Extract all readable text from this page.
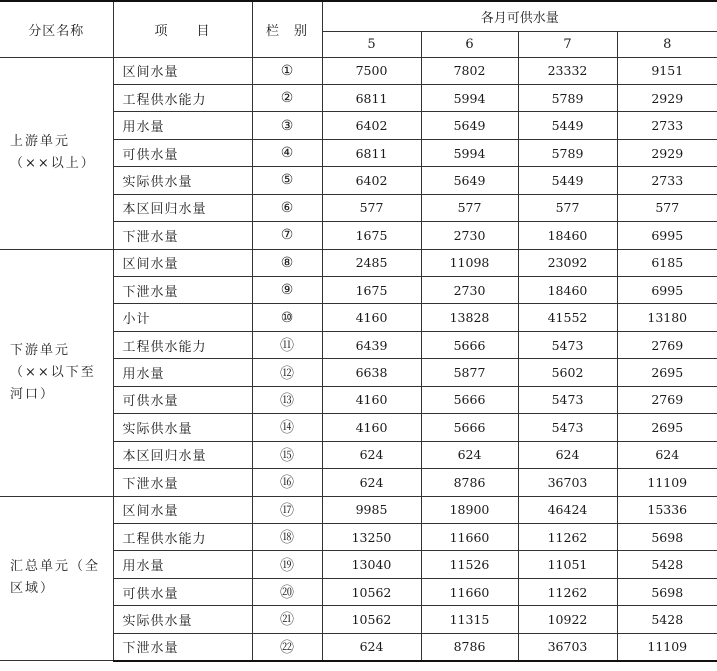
分区名称	项　　目	栏　别	各月可供水量			
			5	6	7	8
上游单元（××以上）	区间水量	①	7500	7802	23332	9151
	工程供水能力	②	6811	5994	5789	2929
	用水量	③	6402	5649	5449	2733
	可供水量	④	6811	5994	5789	2929
	实际供水量	⑤	6402	5649	5449	2733
	本区回归水量	⑥	577	577	577	577
	下泄水量	⑦	1675	2730	18460	6995
下游单元（××以下至河口）	区间水量	⑧	2485	11098	23092	6185
	下泄水量	⑨	1675	2730	18460	6995
	小计	⑩	4160	13828	41552	13180
	工程供水能力	⑪	6439	5666	5473	2769
	用水量	⑫	6638	5877	5602	2695
	可供水量	⑬	4160	5666	5473	2769
	实际供水量	⑭	4160	5666	5473	2695
	本区回归水量	⑮	624	624	624	624
	下泄水量	⑯	624	8786	36703	11109
汇总单元（全区域）	区间水量	⑰	9985	18900	46424	15336
	工程供水能力	⑱	13250	11660	11262	5698
	用水量	⑲	13040	11526	11051	5428
	可供水量	⑳	10562	11660	11262	5698
	实际供水量	㉑	10562	11315	10922	5428
	下泄水量	㉒	624	8786	36703	11109
